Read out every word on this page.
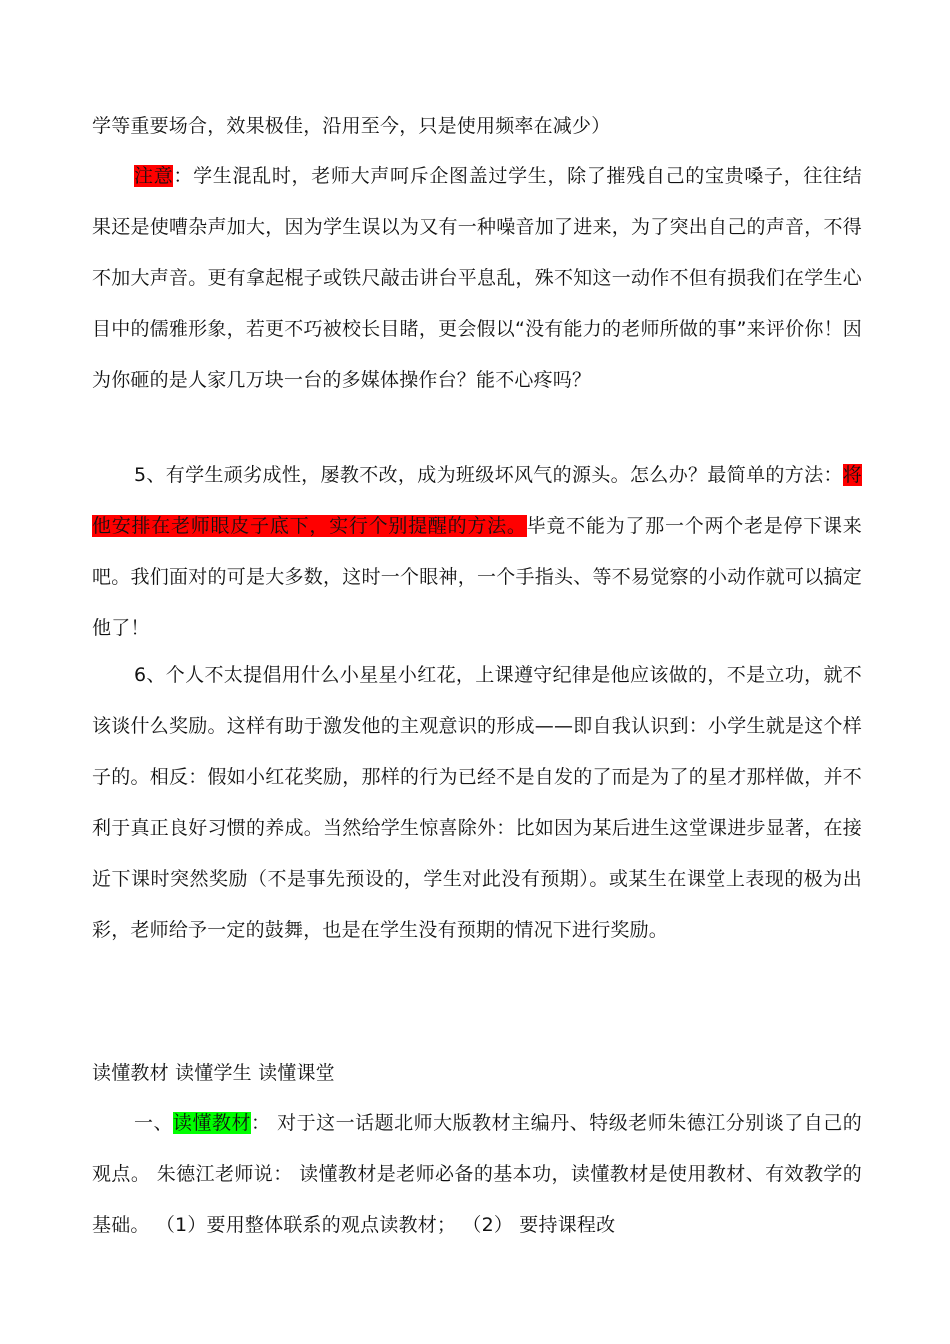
学等重要场合，效果极佳，沿用至今，只是使用频率在减少）

注意：学生混乱时，老师大声呵斥企图盖过学生，除了摧残自己的宝贵嗓子，往往结果还是使嘈杂声加大，因为学生误以为又有一种噪音加了进来，为了突出自己的声音，不得不加大声音。更有拿起棍子或铁尺敲击讲台平息乱，殊不知这一动作不但有损我们在学生心目中的儒雅形象，若更不巧被校长目睹，更会假以“没有能力的老师所做的事”来评价你！因为你砸的是人家几万块一台的多媒体操作台？能不心疼吗？

5、有学生顽劣成性，屡教不改，成为班级坏风气的源头。怎么办？最简单的方法：将他安排在老师眼皮子底下，实行个别提醒的方法。毕竟不能为了那一个两个老是停下课来吧。我们面对的可是大多数，这时一个眼神，一个手指头、等不易觉察的小动作就可以搞定他了！

6、个人不太提倡用什么小星星小红花，上课遵守纪律是他应该做的，不是立功，就不该谈什么奖励。这样有助于激发他的主观意识的形成——即自我认识到：小学生就是这个样子的。相反：假如小红花奖励，那样的行为已经不是自发的了而是为了的星才那样做，并不利于真正良好习惯的养成。当然给学生惊喜除外：比如因为某后进生这堂课进步显著，在接近下课时突然奖励（不是事先预设的，学生对此没有预期）。或某生在课堂上表现的极为出彩，老师给予一定的鼓舞，也是在学生没有预期的情况下进行奖励。

读懂教材 读懂学生 读懂课堂

一、读懂教材： 对于这一话题北师大版教材主编丹、特级老师朱德江分别谈了自己的观点。 朱德江老师说： 读懂教材是老师必备的基本功，读懂教材是使用教材、有效教学的基础。 （1）要用整体联系的观点读教材； （2） 要持课程改
